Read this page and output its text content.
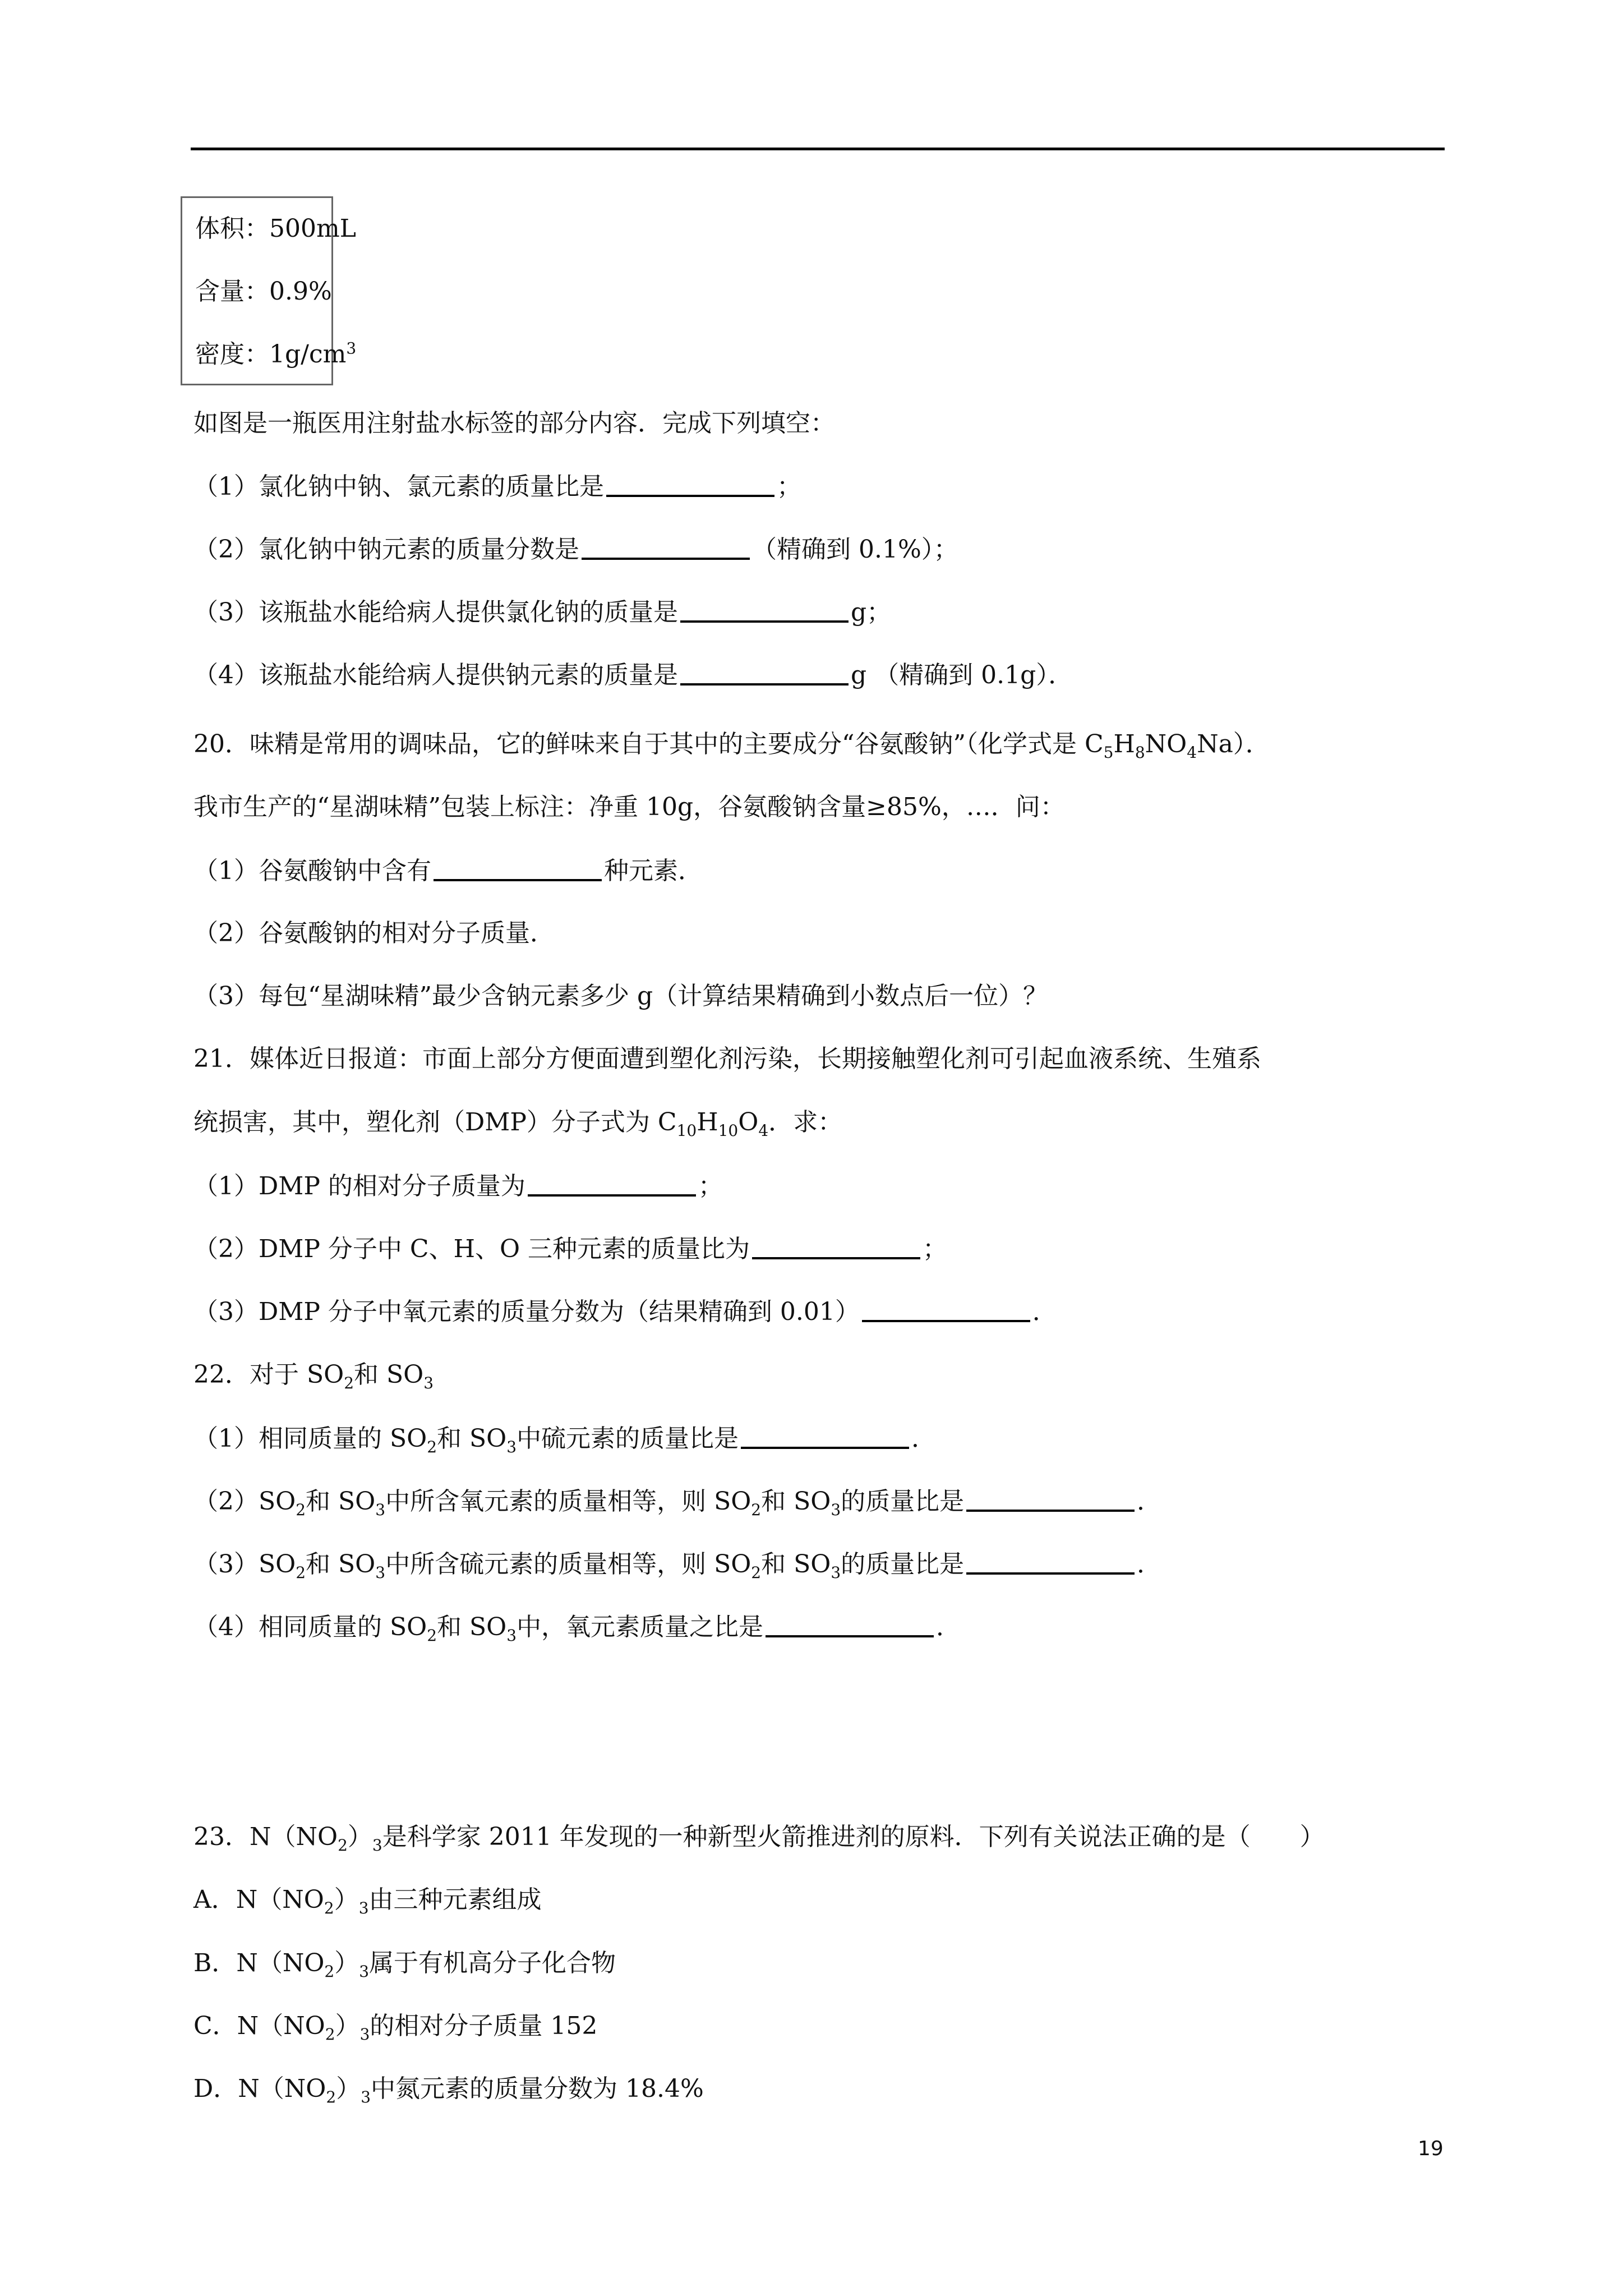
体积：500mL
含量：0.9%
密度：$1g/cm^3$
如图是一瓶医用注射盐水标签的部分内容．完成下列填空：
（1）氯化钠中钠、氯元素的质量比是	；
（2）氯化钠中钠元素的质量分数是	（精确到 0.1%）；
（3）该瓶盐水能给病人提供氯化钠的质量是	g；
（4）该瓶盐水能给病人提供钠元素的质量是	g （精确到 0.1g）．
20．味精是常用的调味品，它的鲜味来自于其中的主要成分“谷氨酸钠”（化学式是 $C_5H_8NO_4Na$）．
我市生产的“星湖味精”包装上标注：净重 10g，谷氨酸钠含量≥85%，…．问：
（1）谷氨酸钠中含有	种元素．
（2）谷氨酸钠的相对分子质量．
（3）每包“星湖味精”最少含钠元素多少 g（计算结果精确到小数点后一位）？
21．媒体近日报道：市面上部分方便面遭到塑化剂污染，长期接触塑化剂可引起血液系统、生殖系
统损害，其中，塑化剂（DMP）分子式为 $C_{10}H_{10}O_4$．求：
（1）DMP 的相对分子质量为	；
（2）DMP 分子中 C、H、O 三种元素的质量比为	；
（3）DMP 分子中氧元素的质量分数为（结果精确到 0.01）	．
22．对于 $SO_2$和 $SO_3$
（1）相同质量的 $SO_2$和 $SO_3$中硫元素的质量比是	．
$(2)SO_2$和 $SO_3$中所含氧元素的质量相等，则 $SO_2$和 $SO_3$的质量比是	．
$(3)SO_2$和 $SO_3$中所含硫元素的质量相等，则 $SO_2$和 $SO_3$的质量比是	．
（4）相同质量的 $SO_2$和 $SO_3$中，氧元素质量之比是	．
23．$N(NO_2)_3$是科学家 2011 年发现的一种新型火箭推进剂的原料．下列有关说法正确的是（　　）
A．$N(NO_2)_3$由三种元素组成
B．$N(NO_2)_3$属于有机高分子化合物
C．$N(NO_2)_3$的相对分子质量 152
D．$N(NO_2)_3$中氮元素的质量分数为 18.4%
19
